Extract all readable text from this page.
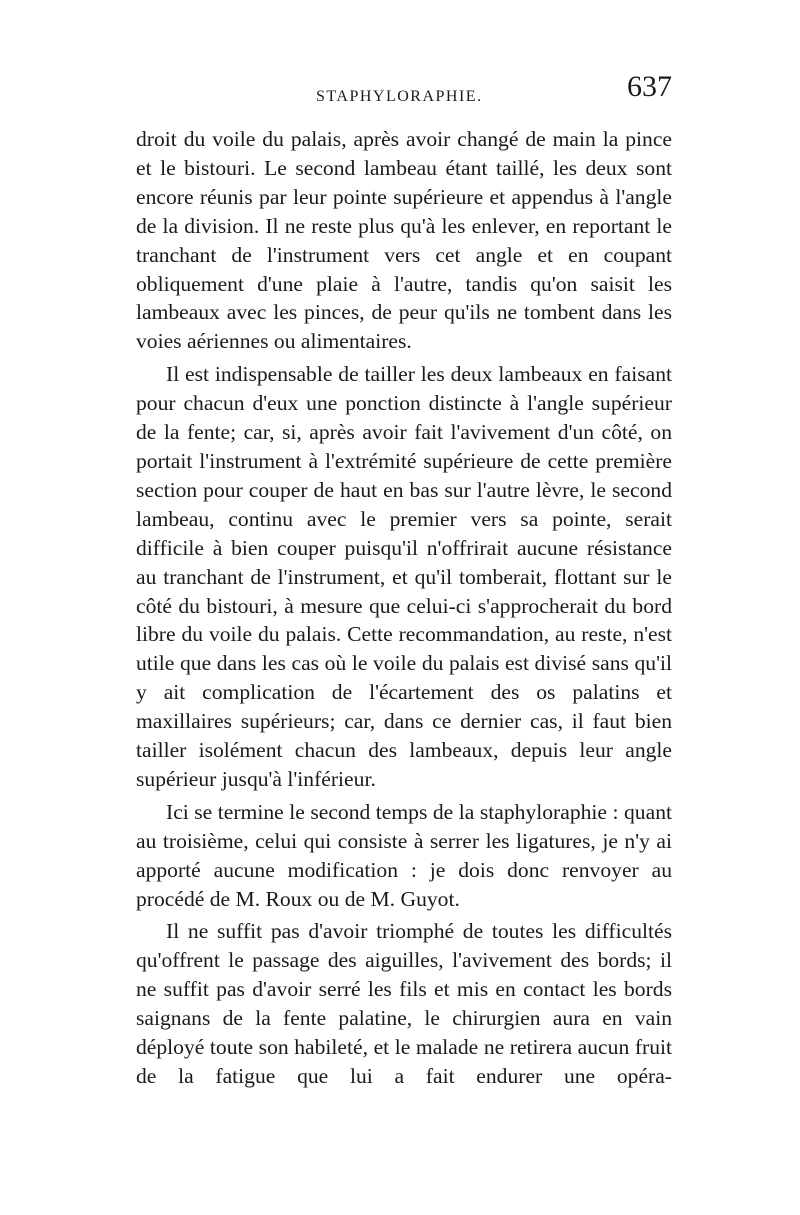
STAPHYLORAPHIE.	637

droit du voile du palais, après avoir changé de main la pince et le bistouri. Le second lambeau étant taillé, les deux sont encore réunis par leur pointe supérieure et appendus à l'angle de la division. Il ne reste plus qu'à les enlever, en reportant le tranchant de l'instrument vers cet angle et en coupant obliquement d'une plaie à l'autre, tandis qu'on saisit les lambeaux avec les pinces, de peur qu'ils ne tombent dans les voies aériennes ou alimentaires.

Il est indispensable de tailler les deux lambeaux en faisant pour chacun d'eux une ponction distincte à l'angle supérieur de la fente; car, si, après avoir fait l'avivement d'un côté, on portait l'instrument à l'extrémité supérieure de cette première section pour couper de haut en bas sur l'autre lèvre, le second lambeau, continu avec le premier vers sa pointe, serait difficile à bien couper puisqu'il n'offrirait aucune résistance au tranchant de l'instrument, et qu'il tomberait, flottant sur le côté du bistouri, à mesure que celui-ci s'approcherait du bord libre du voile du palais. Cette recommandation, au reste, n'est utile que dans les cas où le voile du palais est divisé sans qu'il y ait complication de l'écartement des os palatins et maxillaires supérieurs; car, dans ce dernier cas, il faut bien tailler isolément chacun des lambeaux, depuis leur angle supérieur jusqu'à l'inférieur.

Ici se termine le second temps de la staphyloraphie : quant au troisième, celui qui consiste à serrer les ligatures, je n'y ai apporté aucune modification : je dois donc renvoyer au procédé de M. Roux ou de M. Guyot.

Il ne suffit pas d'avoir triomphé de toutes les difficultés qu'offrent le passage des aiguilles, l'avivement des bords; il ne suffit pas d'avoir serré les fils et mis en contact les bords saignans de la fente palatine, le chirurgien aura en vain déployé toute son habileté, et le malade ne retirera aucun fruit de la fatigue que lui a fait endurer une opéra-
